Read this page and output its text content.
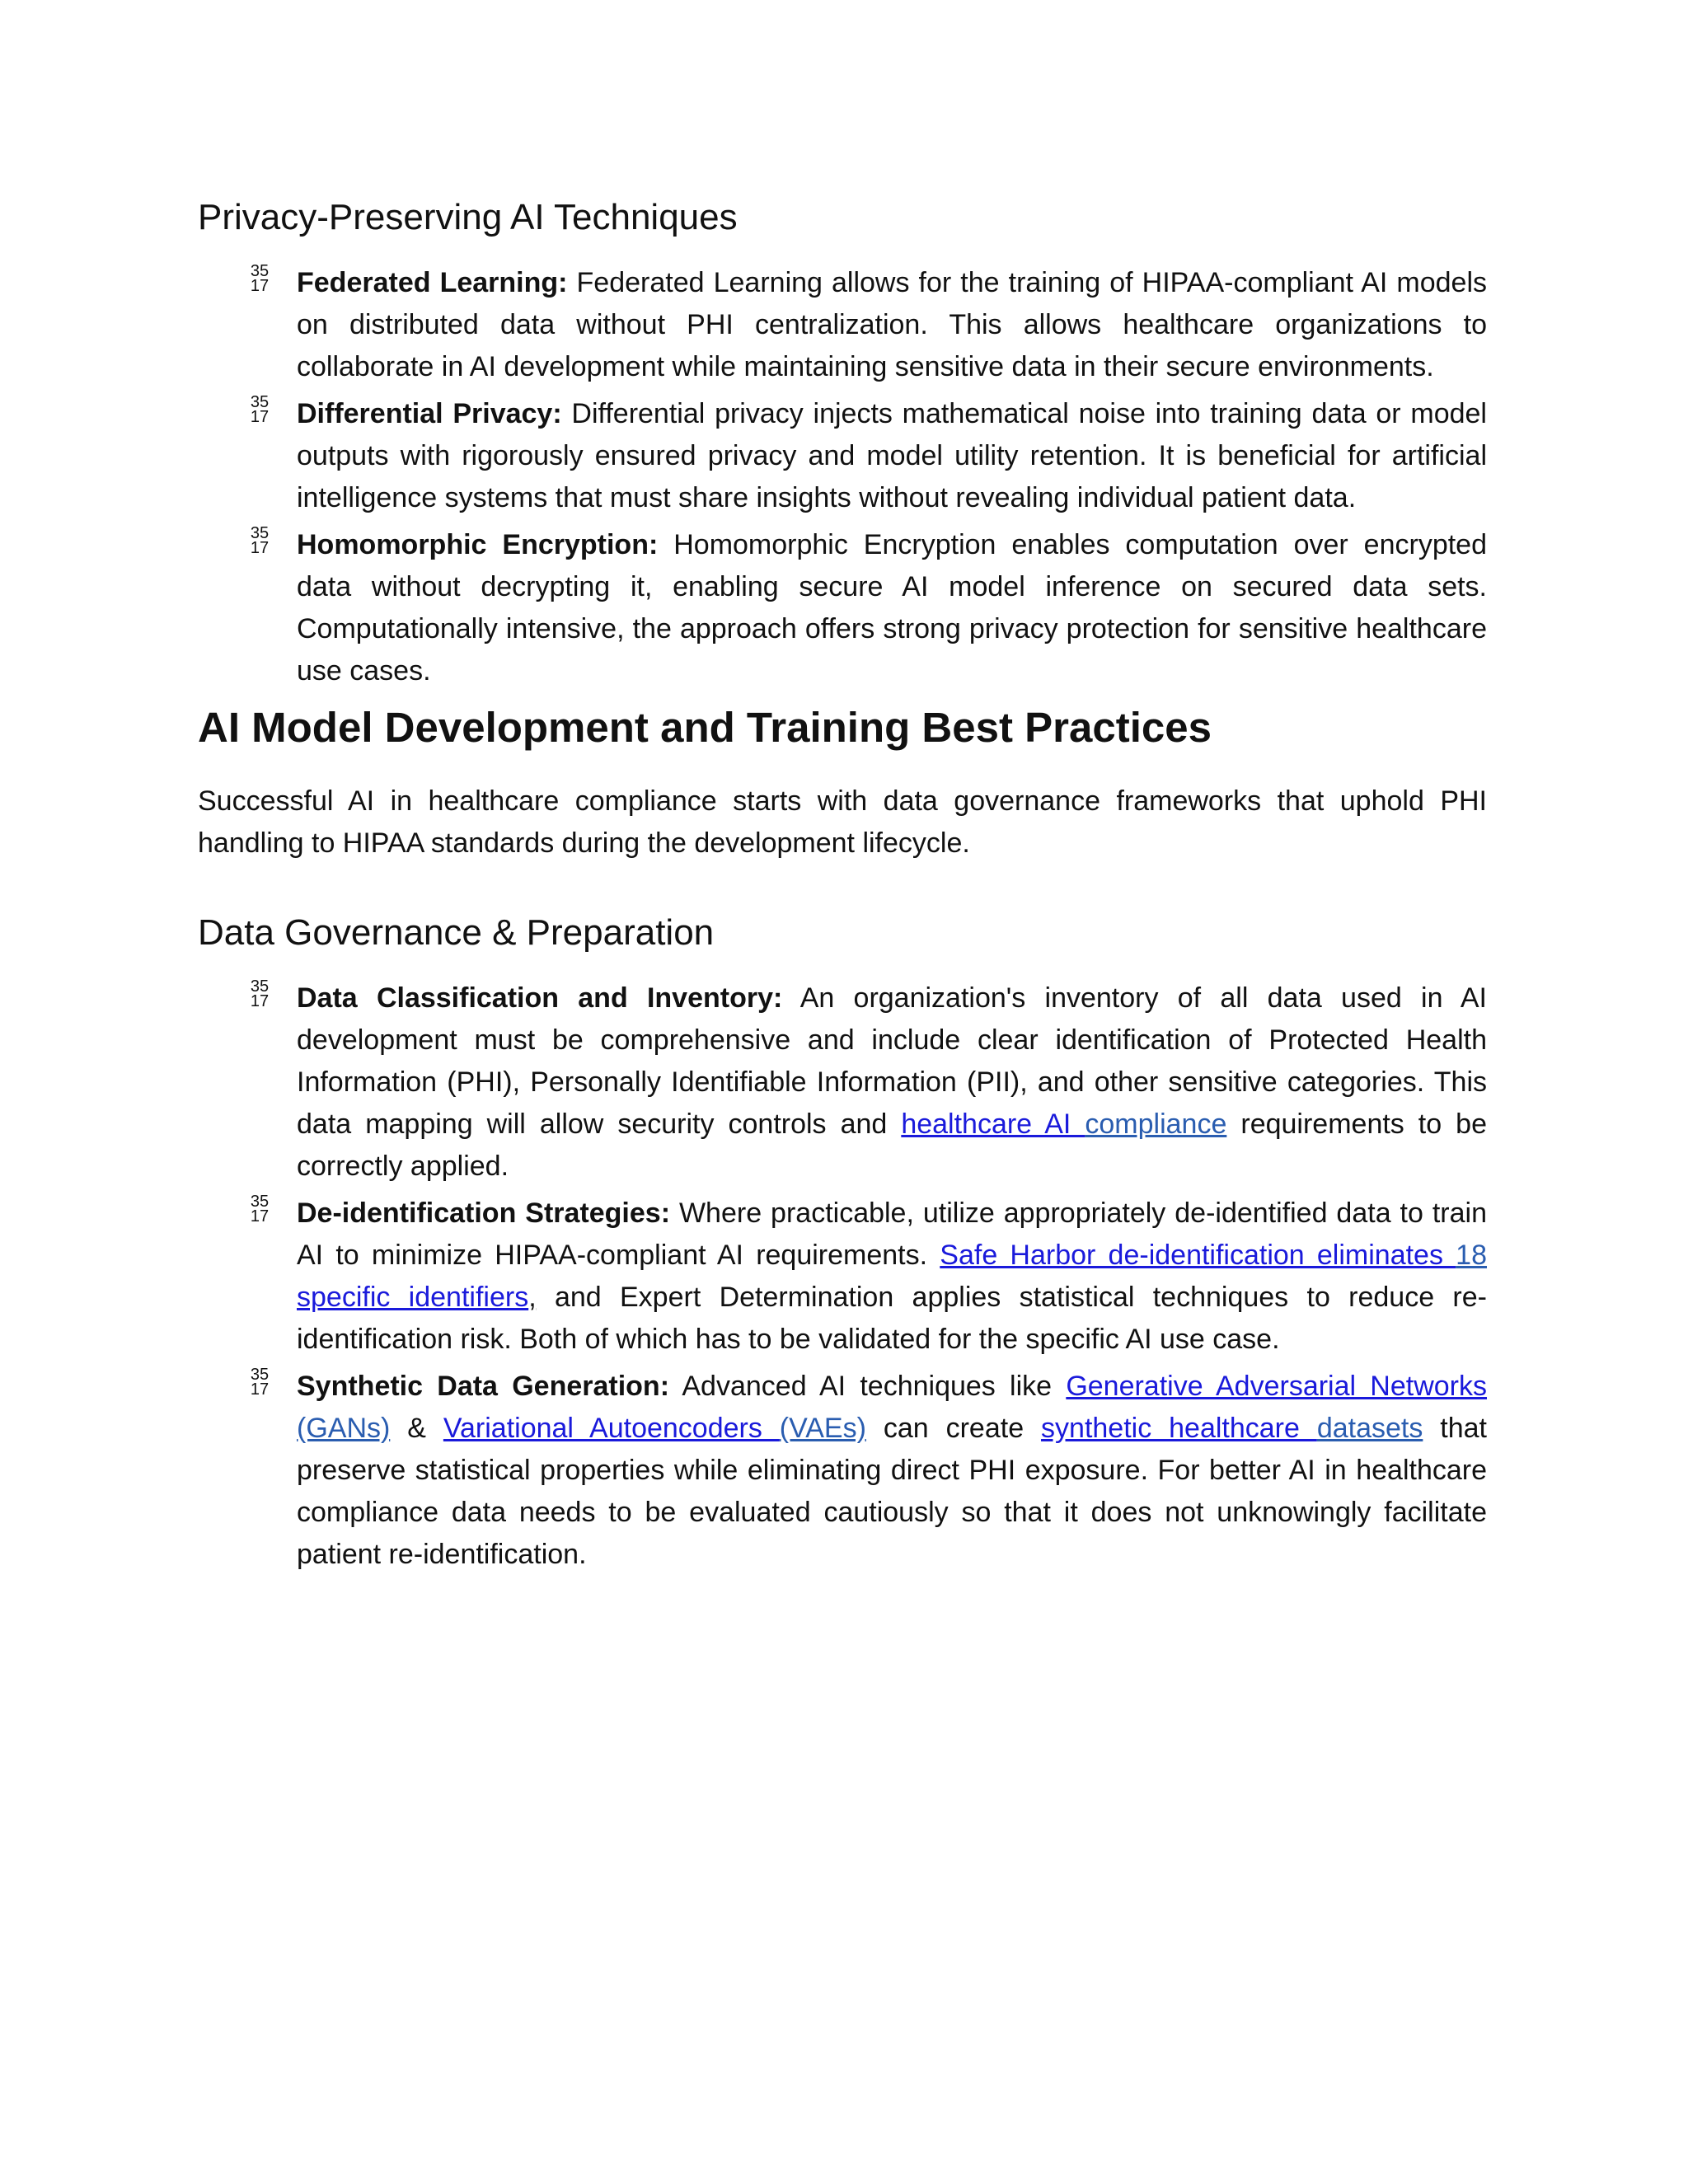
Privacy-Preserving AI Techniques
35
17 Federated Learning: Federated Learning allows for the training of HIPAA-compliant AI models on distributed data without PHI centralization. This allows healthcare organizations to collaborate in AI development while maintaining sensitive data in their secure environments.
35
17 Differential Privacy: Differential privacy injects mathematical noise into training data or model outputs with rigorously ensured privacy and model utility retention. It is beneficial for artificial intelligence systems that must share insights without revealing individual patient data.
35
17 Homomorphic Encryption: Homomorphic Encryption enables computation over encrypted data without decrypting it, enabling secure AI model inference on secured data sets. Computationally intensive, the approach offers strong privacy protection for sensitive healthcare use cases.
AI Model Development and Training Best Practices

Successful AI in healthcare compliance starts with data governance frameworks that uphold PHI handling to HIPAA standards during the development lifecycle.

Data Governance & Preparation
35
17 Data Classification and Inventory: An organization's inventory of all data used in AI development must be comprehensive and include clear identification of Protected Health Information (PHI), Personally Identifiable Information (PII), and other sensitive categories. This data mapping will allow security controls and healthcare AI compliance requirements to be correctly applied.
35
17 De-identification Strategies: Where practicable, utilize appropriately de-identified data to train AI to minimize HIPAA-compliant AI requirements. Safe Harbor de-identification eliminates 18 specific identifiers, and Expert Determination applies statistical techniques to reduce re-identification risk. Both of which has to be validated for the specific AI use case.
35
17 Synthetic Data Generation: Advanced AI techniques like Generative Adversarial Networks (GANs) & Variational Autoencoders (VAEs) can create synthetic healthcare datasets that preserve statistical properties while eliminating direct PHI exposure. For better AI in healthcare compliance data needs to be evaluated cautiously so that it does not unknowingly facilitate patient re-identification.
